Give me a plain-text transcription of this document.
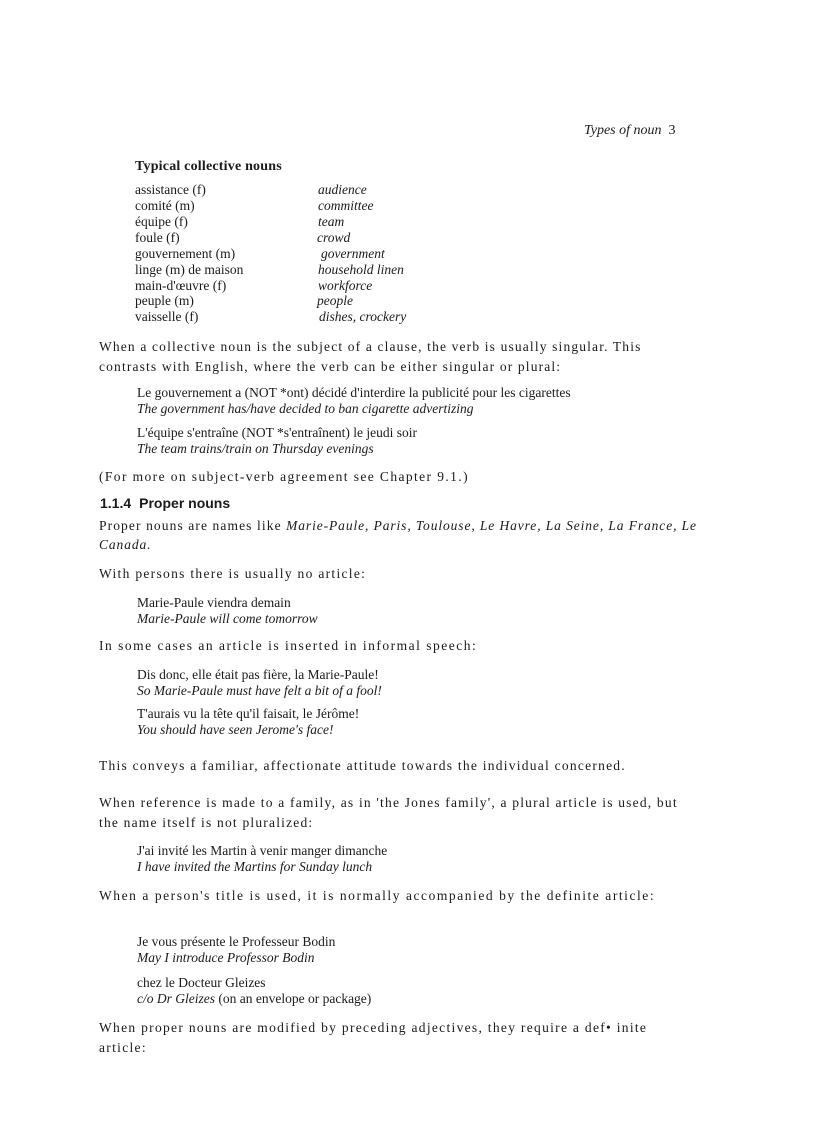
Types of noun 3
Typical collective nouns
assistance (f)	audience
comité (m)	committee
équipe (f)	team
foule (f)	crowd
gouvernement (m)	government
linge (m) de maison	household linen
main-d'œuvre (f)	workforce
peuple (m)	people
vaisselle (f)	dishes, crockery
When a collective noun is the subject of a clause, the verb is usually singular. This contrasts with English, where the verb can be either singular or plural:
Le gouvernement a (NOT *ont) décidé d'interdire la publicité pour les cigarettes
The government has/have decided to ban cigarette advertizing
L'équipe s'entraîne (NOT *s'entraînent) le jeudi soir
The team trains/train on Thursday evenings
(For more on subject-verb agreement see Chapter 9.1.)
1.1.4 Proper nouns
Proper nouns are names like Marie-Paule, Paris, Toulouse, Le Havre, La Seine, La France, Le Canada.
With persons there is usually no article:
Marie-Paule viendra demain
Marie-Paule will come tomorrow
In some cases an article is inserted in informal speech:
Dis donc, elle était pas fière, la Marie-Paule!
So Marie-Paule must have felt a bit of a fool!
T'aurais vu la tête qu'il faisait, le Jérôme!
You should have seen Jerome's face!
This conveys a familiar, affectionate attitude towards the individual concerned.
When reference is made to a family, as in 'the Jones family', a plural article is used, but the name itself is not pluralized:
J'ai invité les Martin à venir manger dimanche
I have invited the Martins for Sunday lunch
When a person's title is used, it is normally accompanied by the definite article:
Je vous présente le Professeur Bodin
May I introduce Professor Bodin
chez le Docteur Gleizes
c/o Dr Gleizes (on an envelope or package)
When proper nouns are modified by preceding adjectives, they require a def• inite article:
